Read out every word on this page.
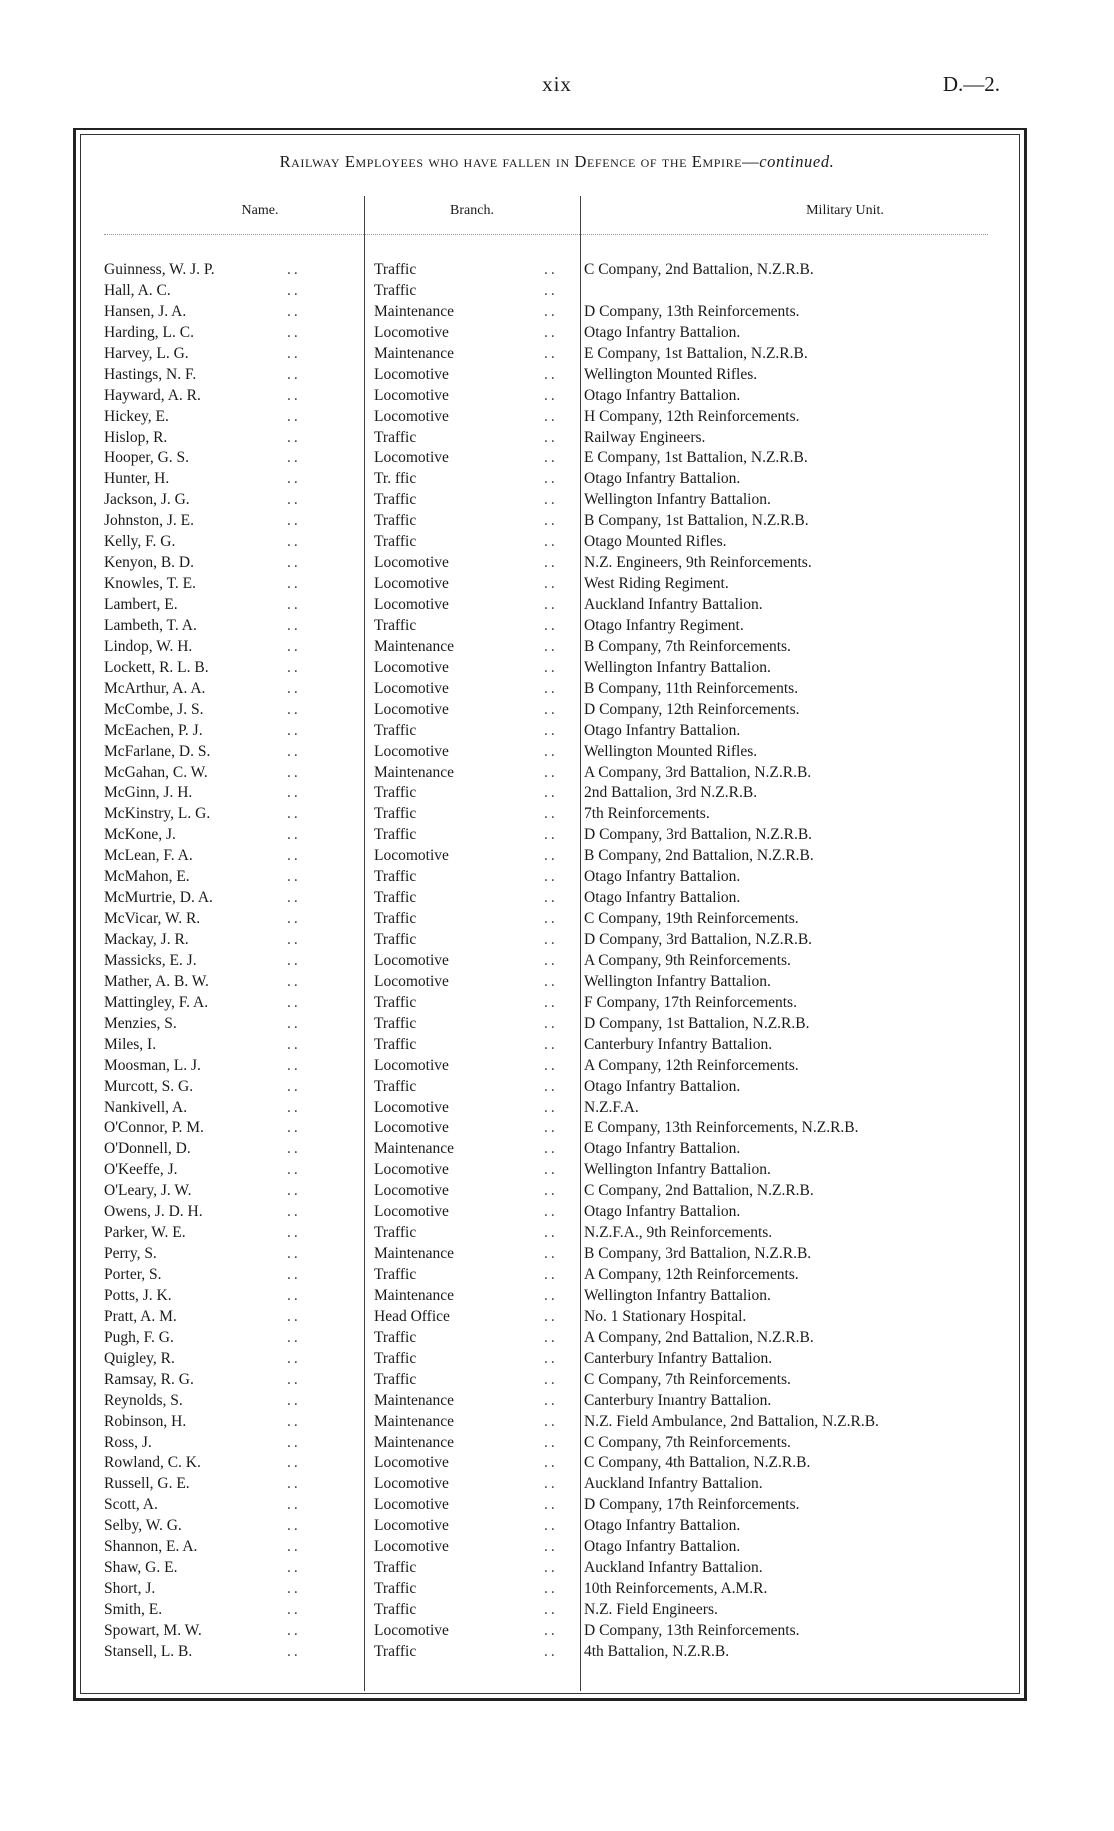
xix	D.—2.
Railway Employees who have fallen in Defence of the Empire—continued.
Name.	Branch.	Military Unit.
Guinness, W. J. P.	..	Traffic	.. C Company, 2nd Battalion, N.Z.R.B.
Hall, A. C.	..	Traffic	..
Hansen, J. A.	..	Maintenance	.. D Company, 13th Reinforcements.
Harding, L. C.	..	Locomotive	.. Otago Infantry Battalion.
Harvey, L. G.	..	Maintenance	.. E Company, 1st Battalion, N.Z.R.B.
Hastings, N. F.	..	Locomotive	.. Wellington Mounted Rifles.
Hayward, A. R.	..	Locomotive	.. Otago Infantry Battalion.
Hickey, E.	..	Locomotive	.. H Company, 12th Reinforcements.
Hislop, R.	..	Traffic	.. Railway Engineers.
Hooper, G. S.	..	Locomotive	.. E Company, 1st Battalion, N.Z.R.B.
Hunter, H.	..	Tr. ffic	.. Otago Infantry Battalion.
Jackson, J. G.	..	Traffic	.. Wellington Infantry Battalion.
Johnston, J. E.	..	Traffic	.. B Company, 1st Battalion, N.Z.R.B.
Kelly, F. G.	..	Traffic	.. Otago Mounted Rifles.
Kenyon, B. D.	..	Locomotive	.. N.Z. Engineers, 9th Reinforcements.
Knowles, T. E.	..	Locomotive	.. West Riding Regiment.
Lambert, E.	..	Locomotive	.. Auckland Infantry Battalion.
Lambeth, T. A.	..	Traffic	.. Otago Infantry Regiment.
Lindop, W. H.	..	Maintenance	.. B Company, 7th Reinforcements.
Lockett, R. L. B.	..	Locomotive	.. Wellington Infantry Battalion.
McArthur, A. A.	..	Locomotive	.. B Company, 11th Reinforcements.
McCombe, J. S.	..	Locomotive	.. D Company, 12th Reinforcements.
McEachen, P. J.	..	Traffic	.. Otago Infantry Battalion.
McFarlane, D. S.	..	Locomotive	.. Wellington Mounted Rifles.
McGahan, C. W.	..	Maintenance	.. A Company, 3rd Battalion, N.Z.R.B.
McGinn, J. H.	..	Traffic	.. 2nd Battalion, 3rd N.Z.R.B.
McKinstry, L. G.	..	Traffic	.. 7th Reinforcements.
McKone, J.	..	Traffic	.. D Company, 3rd Battalion, N.Z.R.B.
McLean, F. A.	..	Locomotive	.. B Company, 2nd Battalion, N.Z.R.B.
McMahon, E.	..	Traffic	.. Otago Infantry Battalion.
McMurtrie, D. A.	..	Traffic	.. Otago Infantry Battalion.
McVicar, W. R.	..	Traffic	.. C Company, 19th Reinforcements.
Mackay, J. R.	..	Traffic	.. D Company, 3rd Battalion, N.Z.R.B.
Massicks, E. J.	..	Locomotive	.. A Company, 9th Reinforcements.
Mather, A. B. W.	..	Locomotive	.. Wellington Infantry Battalion.
Mattingley, F. A.	..	Traffic	.. F Company, 17th Reinforcements.
Menzies, S.	..	Traffic	.. D Company, 1st Battalion, N.Z.R.B.
Miles, I.	..	Traffic	.. Canterbury Infantry Battalion.
Moosman, L. J.	..	Locomotive	.. A Company, 12th Reinforcements.
Murcott, S. G.	..	Traffic	.. Otago Infantry Battalion.
Nankivell, A.	..	Locomotive	.. N.Z.F.A.
O'Connor, P. M.	..	Locomotive	.. E Company, 13th Reinforcements, N.Z.R.B.
O'Donnell, D.	..	Maintenance	.. Otago Infantry Battalion.
O'Keeffe, J.	..	Locomotive	.. Wellington Infantry Battalion.
O'Leary, J. W.	..	Locomotive	.. C Company, 2nd Battalion, N.Z.R.B.
Owens, J. D. H.	..	Locomotive	.. Otago Infantry Battalion.
Parker, W. E.	..	Traffic	.. N.Z.F.A., 9th Reinforcements.
Perry, S.	..	Maintenance	.. B Company, 3rd Battalion, N.Z.R.B.
Porter, S.	..	Traffic	.. A Company, 12th Reinforcements.
Potts, J. K.	..	Maintenance	.. Wellington Infantry Battalion.
Pratt, A. M.	..	Head Office	.. No. 1 Stationary Hospital.
Pugh, F. G.	..	Traffic	.. A Company, 2nd Battalion, N.Z.R.B.
Quigley, R.	..	Traffic	.. Canterbury Infantry Battalion.
Ramsay, R. G.	..	Traffic	.. C Company, 7th Reinforcements.
Reynolds, S.	..	Maintenance	.. Canterbury Inıantry Battalion.
Robinson, H.	..	Maintenance	.. N.Z. Field Ambulance, 2nd Battalion, N.Z.R.B.
Ross, J.	..	Maintenance	.. C Company, 7th Reinforcements.
Rowland, C. K.	..	Locomotive	.. C Company, 4th Battalion, N.Z.R.B.
Russell, G. E.	..	Locomotive	.. Auckland Infantry Battalion.
Scott, A.	..	Locomotive	.. D Company, 17th Reinforcements.
Selby, W. G.	..	Locomotive	.. Otago Infantry Battalion.
Shannon, E. A.	..	Locomotive	.. Otago Infantry Battalion.
Shaw, G. E.	..	Traffic	.. Auckland Infantry Battalion.
Short, J.	..	Traffic	.. 10th Reinforcements, A.M.R.
Smith, E.	..	Traffic	.. N.Z. Field Engineers.
Spowart, M. W.	..	Locomotive	.. D Company, 13th Reinforcements.
Stansell, L. B.	..	Traffic	.. 4th Battalion, N.Z.R.B.
